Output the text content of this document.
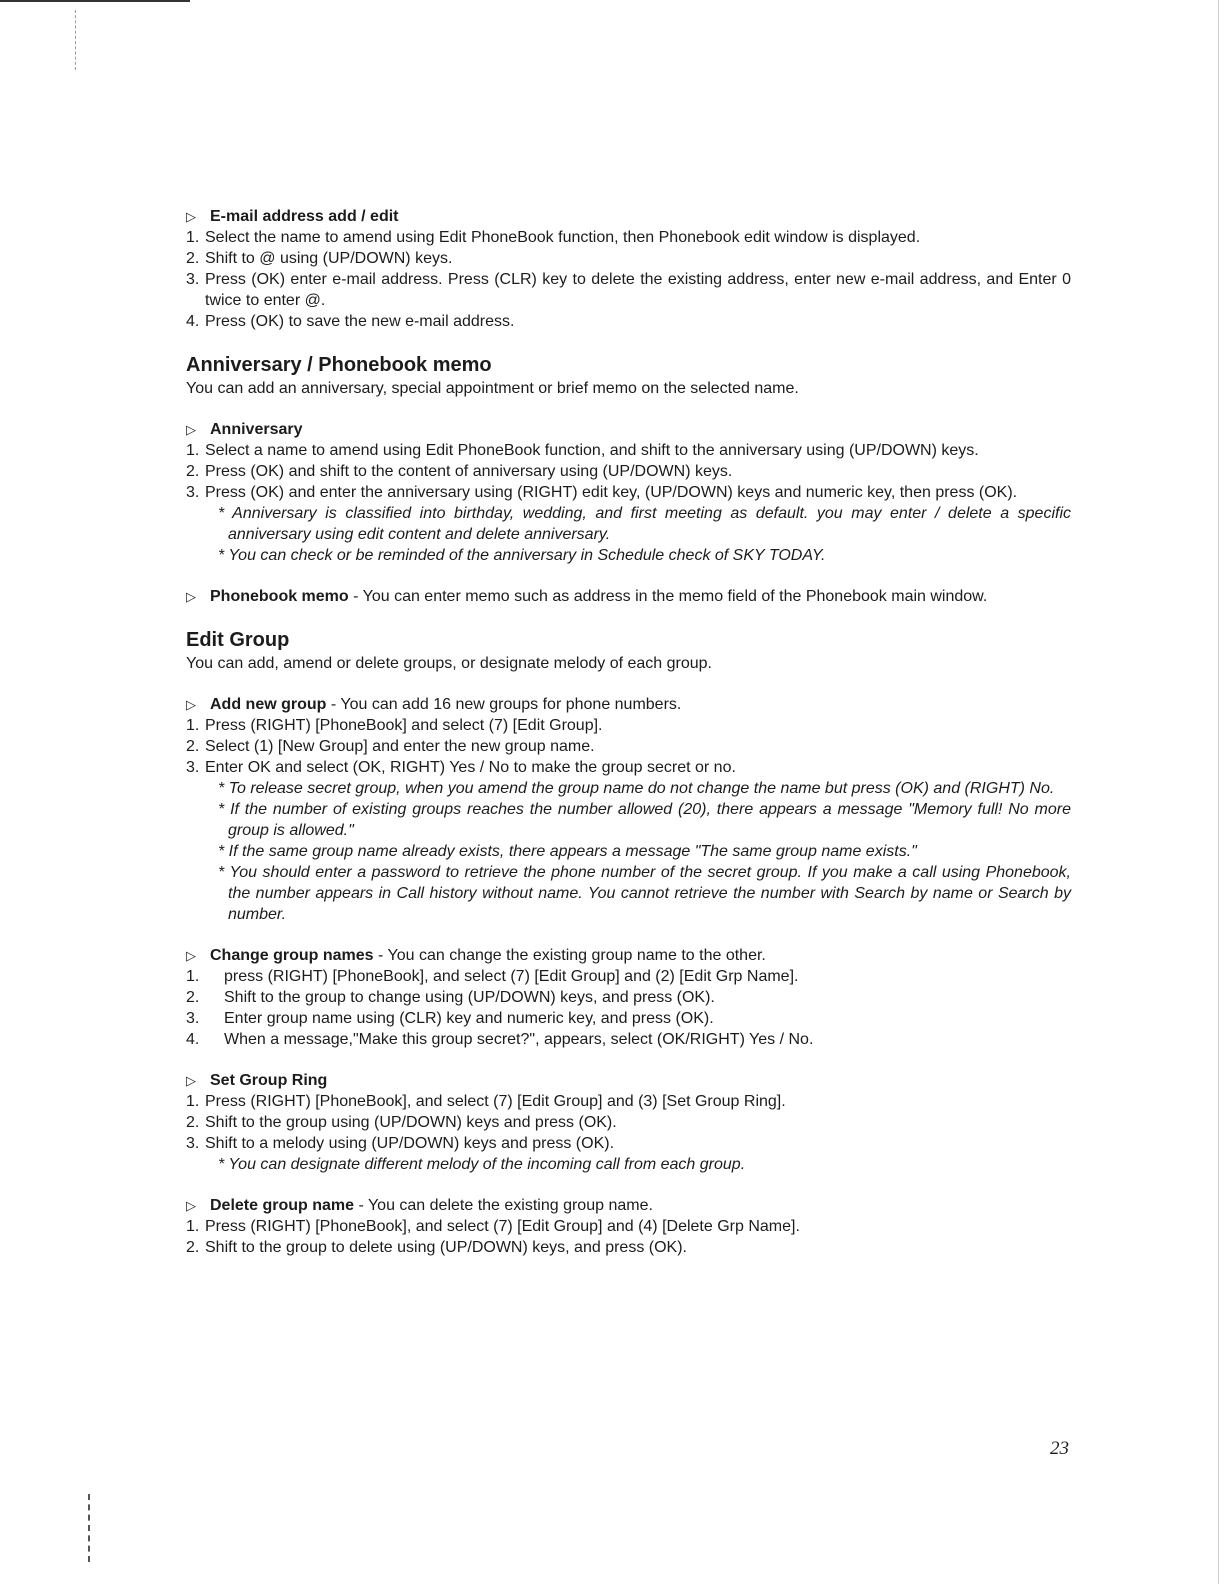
▷ E-mail address add / edit

1. Select the name to amend using Edit PhoneBook function, then Phonebook edit window is displayed.
2. Shift to @ using (UP/DOWN) keys.
3. Press (OK) enter e-mail address. Press (CLR) key to delete the existing address, enter new e-mail address, and Enter 0 twice to enter @.
4. Press (OK) to save the new e-mail address.
Anniversary / Phonebook memo

You can add an anniversary, special appointment or brief memo on the selected name.

▷ Anniversary

1. Select a name to amend using Edit PhoneBook function, and shift to the anniversary using (UP/DOWN) keys.
2. Press (OK) and shift to the content of anniversary using (UP/DOWN) keys.
3. Press (OK) and enter the anniversary using (RIGHT) edit key, (UP/DOWN) keys and numeric key, then press (OK).

* Anniversary is classified into birthday, wedding, and first meeting as default. you may enter / delete a specific anniversary using edit content and delete anniversary.

* You can check or be reminded of the anniversary in Schedule check of SKY TODAY.

▷ Phonebook memo - You can enter memo such as address in the memo field of the Phonebook main window.

Edit Group

You can add, amend or delete groups, or designate melody of each group.

▷ Add new group - You can add 16 new groups for phone numbers.

1. Press (RIGHT) [PhoneBook] and select (7) [Edit Group].
2. Select (1) [New Group] and enter the new group name.
3. Enter OK and select (OK, RIGHT) Yes / No to make the group secret or no.

* To release secret group, when you amend the group name do not change the name but press (OK) and (RIGHT) No.

* If the number of existing groups reaches the number allowed (20), there appears a message "Memory full! No more group is allowed."

* If the same group name already exists, there appears a message "The same group name exists."

* You should enter a password to retrieve the phone number of the secret group. If you make a call using Phonebook, the number appears in Call history without name. You cannot retrieve the number with Search by name or Search by number.

▷ Change group names - You can change the existing group name to the other.

1. press (RIGHT) [PhoneBook], and select (7) [Edit Group] and (2) [Edit Grp Name].
2. Shift to the group to change using (UP/DOWN) keys, and press (OK).
3. Enter group name using (CLR) key and numeric key, and press (OK).
4. When a message,"Make this group secret?", appears, select (OK/RIGHT) Yes / No.

▷ Set Group Ring

1. Press (RIGHT) [PhoneBook], and select (7) [Edit Group] and (3) [Set Group Ring].
2. Shift to the group using (UP/DOWN) keys and press (OK).
3. Shift to a melody using (UP/DOWN) keys and press (OK).

* You can designate different melody of the incoming call from each group.

▷ Delete group name - You can delete the existing group name.

1. Press (RIGHT) [PhoneBook], and select (7) [Edit Group] and (4) [Delete Grp Name].
2. Shift to the group to delete using (UP/DOWN) keys, and press (OK).
23
